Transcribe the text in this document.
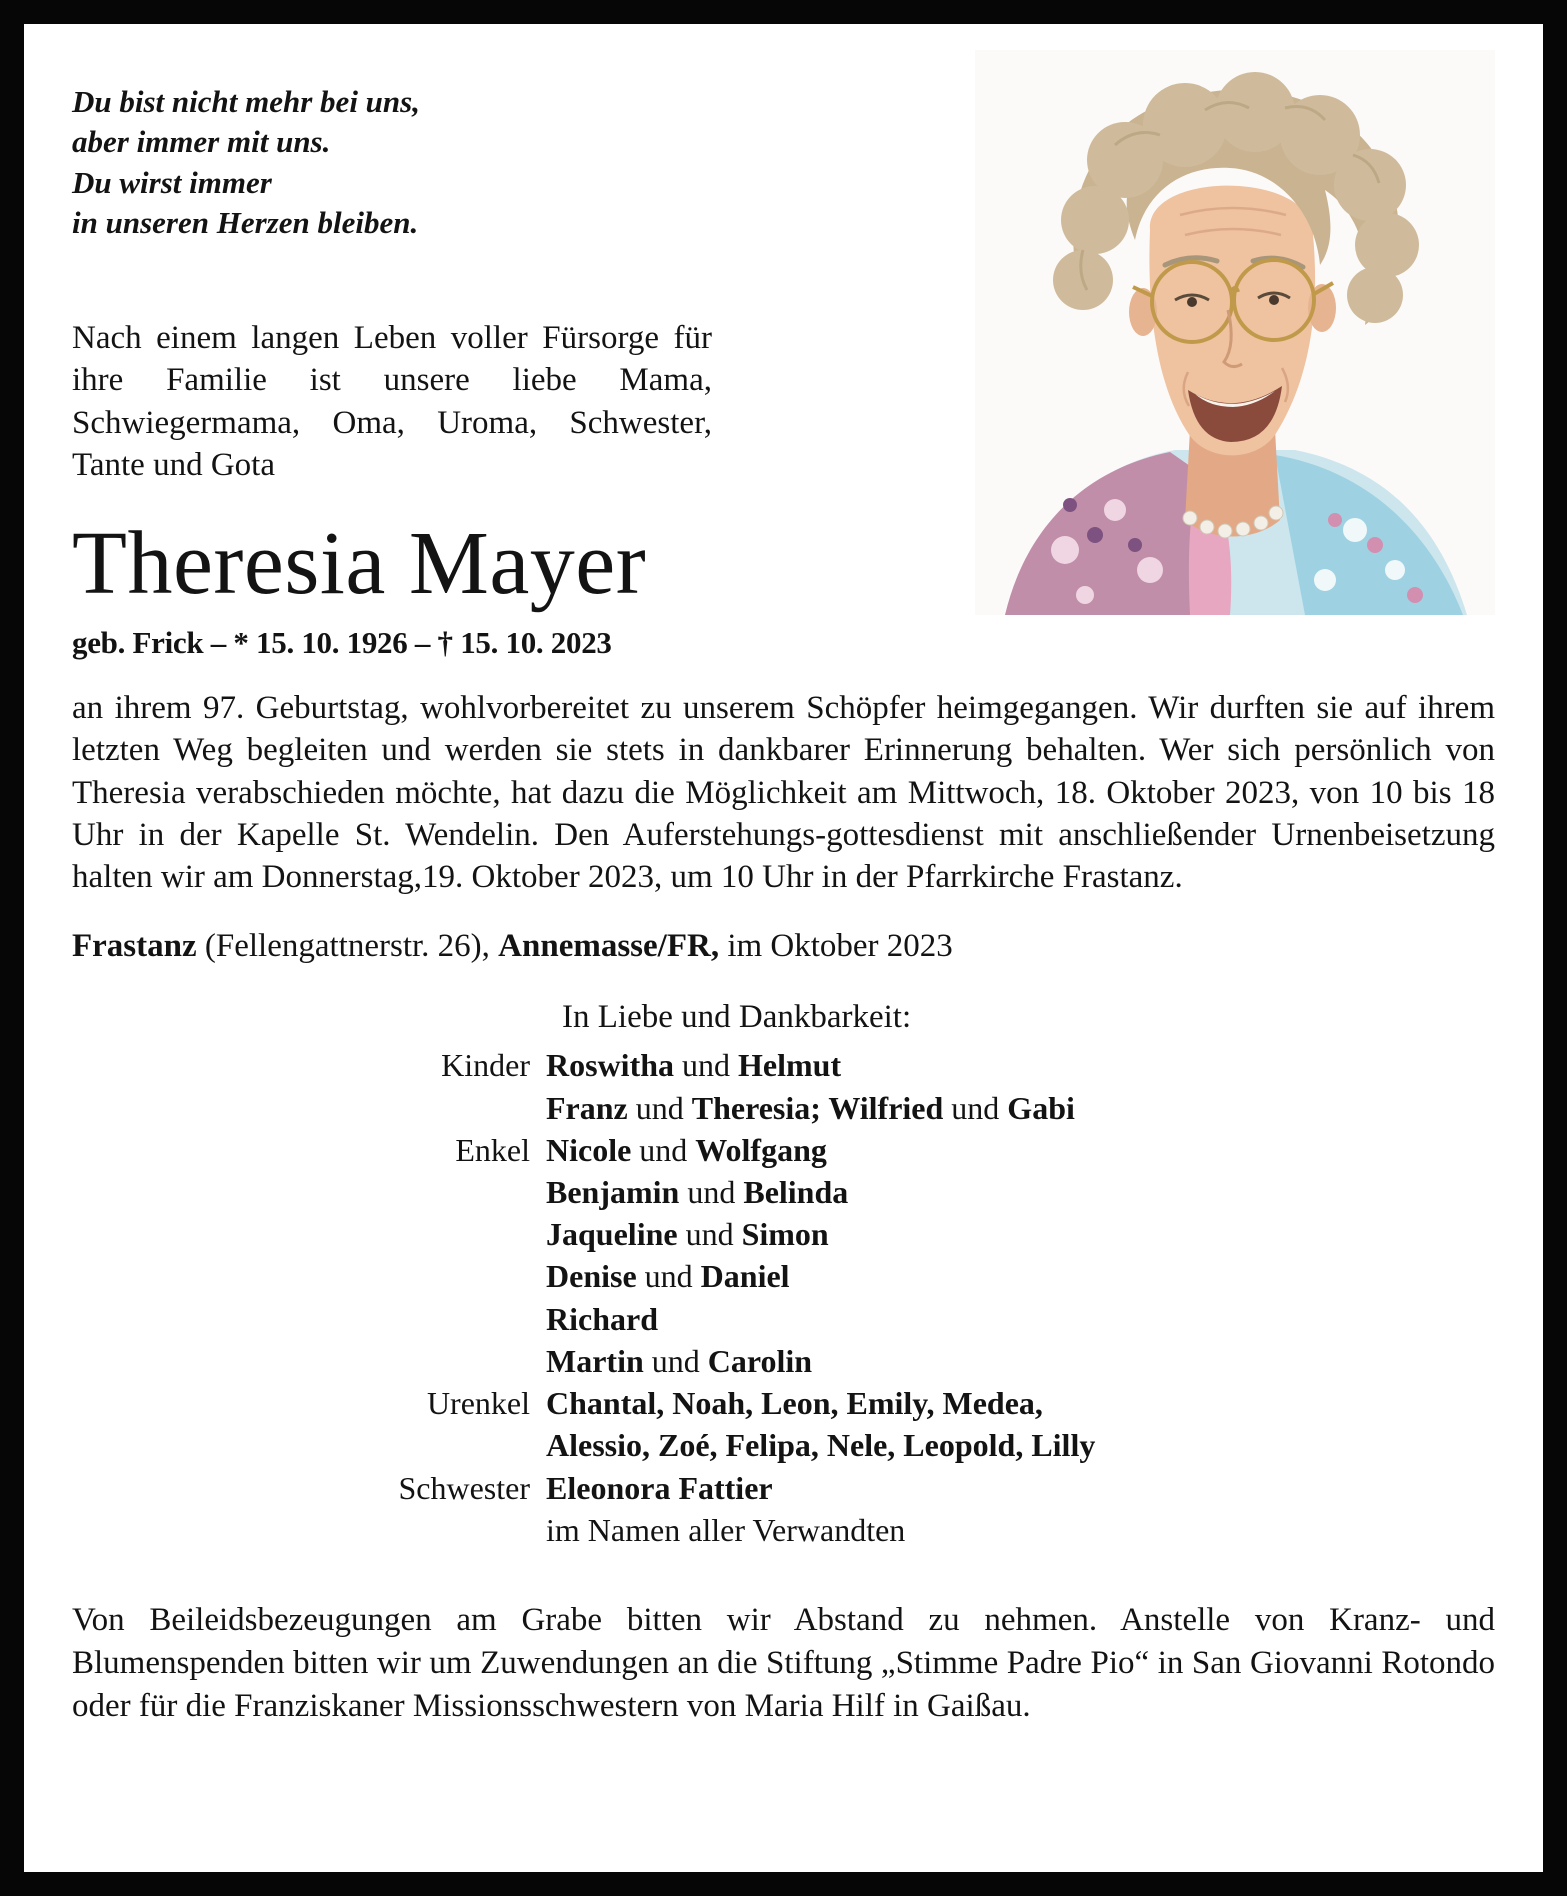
Du bist nicht mehr bei uns,
aber immer mit uns.
Du wirst immer
in unseren Herzen bleiben.

Nach einem langen Leben voller Fürsorge für ihre Familie ist unsere liebe Mama, Schwiegermama, Oma, Uroma, Schwester, Tante und Gota

Theresia Mayer
geb. Frick – * 15. 10. 1926 – † 15. 10. 2023

an ihrem 97. Geburtstag, wohlvorbereitet zu unserem Schöpfer heimgegangen. Wir durften sie auf ihrem letzten Weg begleiten und werden sie stets in dankbarer Erinnerung behalten. Wer sich persönlich von Theresia verabschieden möchte, hat dazu die Möglichkeit am Mittwoch, 18. Oktober 2023, von 10 bis 18 Uhr in der Kapelle St. Wendelin. Den Auferstehungs-gottesdienst mit anschließender Urnenbeisetzung halten wir am Donnerstag,19. Oktober 2023, um 10 Uhr in der Pfarrkirche Frastanz.

Frastanz (Fellengattnerstr. 26), Annemasse/FR, im Oktober 2023

In Liebe und Dankbarkeit:
Kinder Roswitha und Helmut
Franz und Theresia; Wilfried und Gabi
Enkel Nicole und Wolfgang
Benjamin und Belinda
Jaqueline und Simon
Denise und Daniel
Richard
Martin und Carolin
Urenkel Chantal, Noah, Leon, Emily, Medea,
Alessio, Zoé, Felipa, Nele, Leopold, Lilly
Schwester Eleonora Fattier
im Namen aller Verwandten

Von Beileidsbezeugungen am Grabe bitten wir Abstand zu nehmen. Anstelle von Kranz- und Blumenspenden bitten wir um Zuwendungen an die Stiftung „Stimme Padre Pio“ in San Giovanni Rotondo oder für die Franziskaner Missionsschwestern von Maria Hilf in Gaißau.
